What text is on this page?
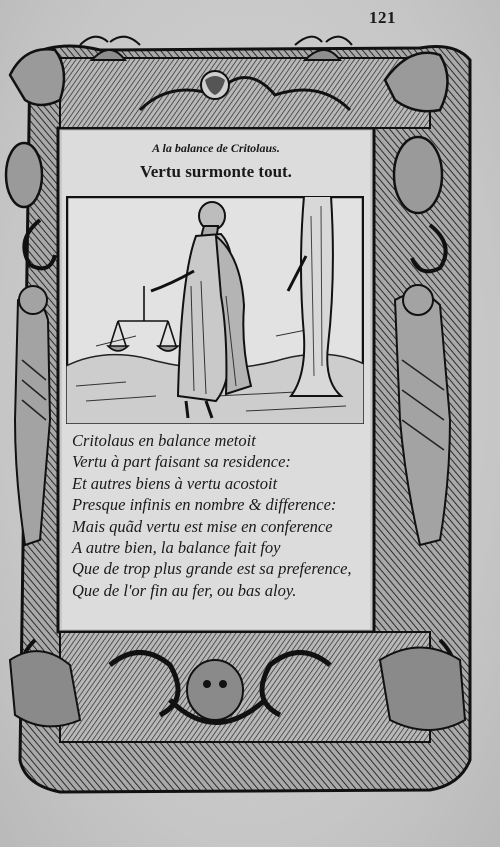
121
A la balance de Critolaus.
Vertu surmonte tout.
Critolaus en balance metoit
Vertu à part faisant sa residence:
Et autres biens à vertu acostoit
Presque infinis en nombre & difference:
Mais quãd vertu est mise en conference
A autre bien, la balance fait foy
Que de trop plus grande est sa preference,
Que de l'or fin au fer, ou bas aloy.
